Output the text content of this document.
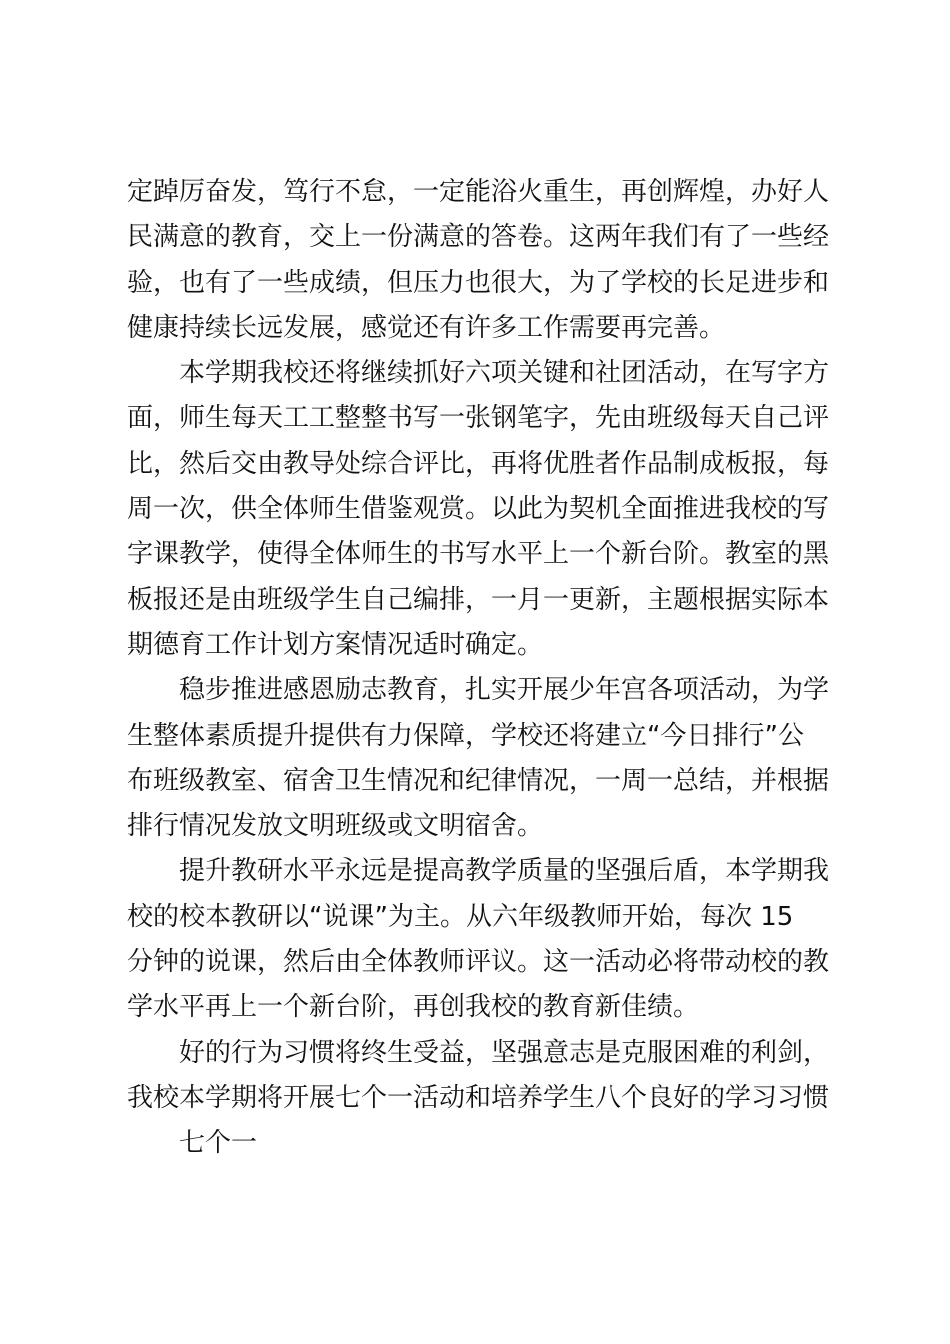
定踔厉奋发，笃行不怠，一定能浴火重生，再创辉煌，办好人
民满意的教育，交上一份满意的答卷。这两年我们有了一些经
验，也有了一些成绩，但压力也很大，为了学校的长足进步和
健康持续长远发展，感觉还有许多工作需要再完善。
本学期我校还将继续抓好六项关键和社团活动，在写字方
面，师生每天工工整整书写一张钢笔字，先由班级每天自己评
比，然后交由教导处综合评比，再将优胜者作品制成板报，每
周一次，供全体师生借鉴观赏。以此为契机全面推进我校的写
字课教学，使得全体师生的书写水平上一个新台阶。教室的黑
板报还是由班级学生自己编排，一月一更新，主题根据实际本
期德育工作计划方案情况适时确定。
稳步推进感恩励志教育，扎实开展少年宫各项活动，为学
生整体素质提升提供有力保障，学校还将建立“今日排行”公
布班级教室、宿舍卫生情况和纪律情况，一周一总结，并根据
排行情况发放文明班级或文明宿舍。
提升教研水平永远是提高教学质量的坚强后盾，本学期我
校的校本教研以“说课”为主。从六年级教师开始，每次 15
分钟的说课，然后由全体教师评议。这一活动必将带动校的教
学水平再上一个新台阶，再创我校的教育新佳绩。
好的行为习惯将终生受益，坚强意志是克服困难的利剑，
我校本学期将开展七个一活动和培养学生八个良好的学习习惯
七个一
